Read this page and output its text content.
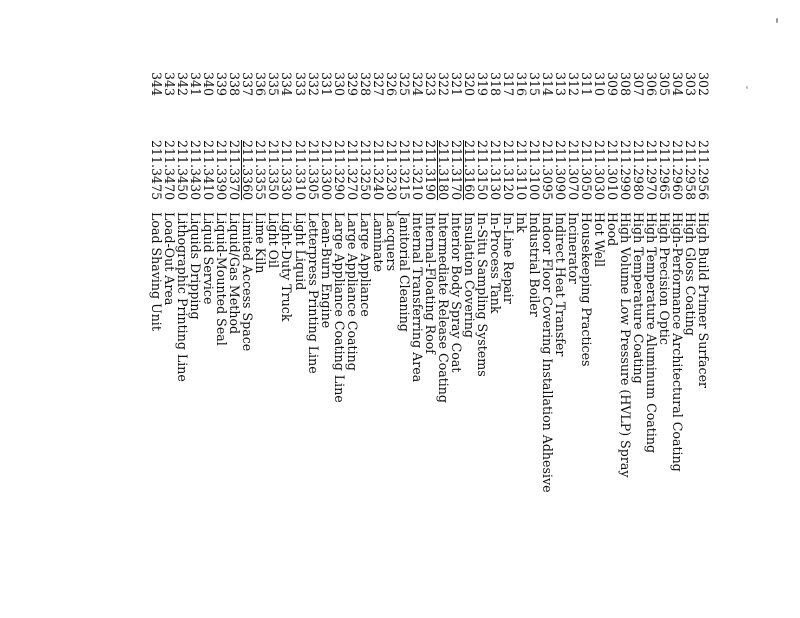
302
211.2956
High Build Primer Surfacer
303
211.2958
High Gloss Coating
304
211.2960
High-Performance Architectural Coating
305
211.2965
High Precision Optic
306
211.2970
High Temperature Aluminum Coating
307
211.2980
High Temperature Coating
308
211.2990
High Volume Low Pressure (HVLP) Spray
309
211.3010
Hood
310
211.3030
Hot Well
311
211.3050
Housekeeping Practices
312
211.3070
Incinerator
313
211.3090
Indirect Heat Transfer
314
211.3095
Indoor Floor Covering Installation Adhesive
315
211.3100
Industrial Boiler
316
211.3110
Ink
317
211.3120
In-Line Repair
318
211.3130
In-Process Tank
319
211.3150
In-Situ Sampling Systems
320
211.3160
Insulation Covering
321
211.3170
Interior Body Spray Coat
322
211.3180
Intermediate Release Coating
323
211.3190
Internal-Floating Roof
324
211.3210
Internal Transferring Area
325
211.3215
Janitorial Cleaning
326
211.3230
Lacquers
327
211.3240
Laminate
328
211.3250
Large Appliance
329
211.3270
Large Appliance Coating
330
211.3290
Large Appliance Coating Line
331
211.3300
Lean-Burn Engine
332
211.3305
Letterpress Printing Line
333
211.3310
Light Liquid
334
211.3330
Light-Duty Truck
335
211.3350
Light Oil
336
211.3355
Lime Kiln
337
211.3360
Limited Access Space
338
211.3370
Liquid/Gas Method
339
211.3390
Liquid-Mounted Seal
340
211.3410
Liquid Service
341
211.3430
Liquids Dripping
342
211.3450
Lithographic Printing Line
343
211.3470
Load-Out Area
344
211.3475
Load Shaving Unit
